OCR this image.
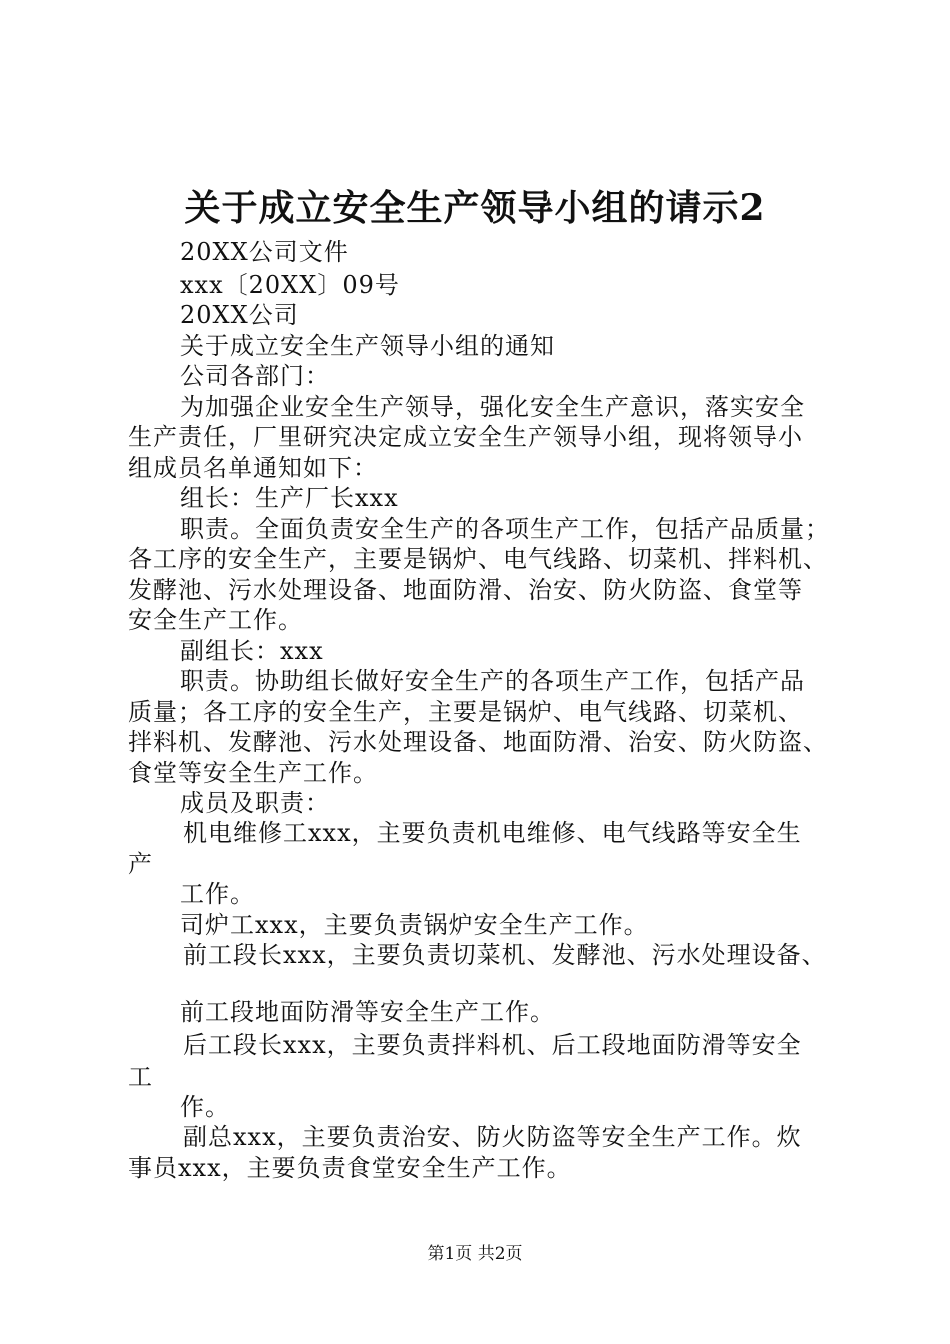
关于成立安全生产领导小组的请示2
20XX公司文件
xxx〔20XX〕09号
20XX公司
关于成立安全生产领导小组的通知
公司各部门：
为加强企业安全生产领导，强化安全生产意识，落实安全
生产责任，厂里研究决定成立安全生产领导小组，现将领导小
组成员名单通知如下：
组长：生产厂长xxx
职责。全面负责安全生产的各项生产工作，包括产品质量；
各工序的安全生产，主要是锅炉、电气线路、切菜机、拌料机、
发酵池、污水处理设备、地面防滑、治安、防火防盗、食堂等
安全生产工作。
副组长：xxx
职责。协助组长做好安全生产的各项生产工作，包括产品
质量；各工序的安全生产，主要是锅炉、电气线路、切菜机、
拌料机、发酵池、污水处理设备、地面防滑、治安、防火防盗、
食堂等安全生产工作。
成员及职责：
机电维修工xxx，主要负责机电维修、电气线路等安全生
产
工作。
司炉工xxx，主要负责锅炉安全生产工作。
前工段长xxx，主要负责切菜机、发酵池、污水处理设备、
前工段地面防滑等安全生产工作。
后工段长xxx，主要负责拌料机、后工段地面防滑等安全
工
作。
副总xxx，主要负责治安、防火防盗等安全生产工作。炊
事员xxx，主要负责食堂安全生产工作。
第1页 共2页
